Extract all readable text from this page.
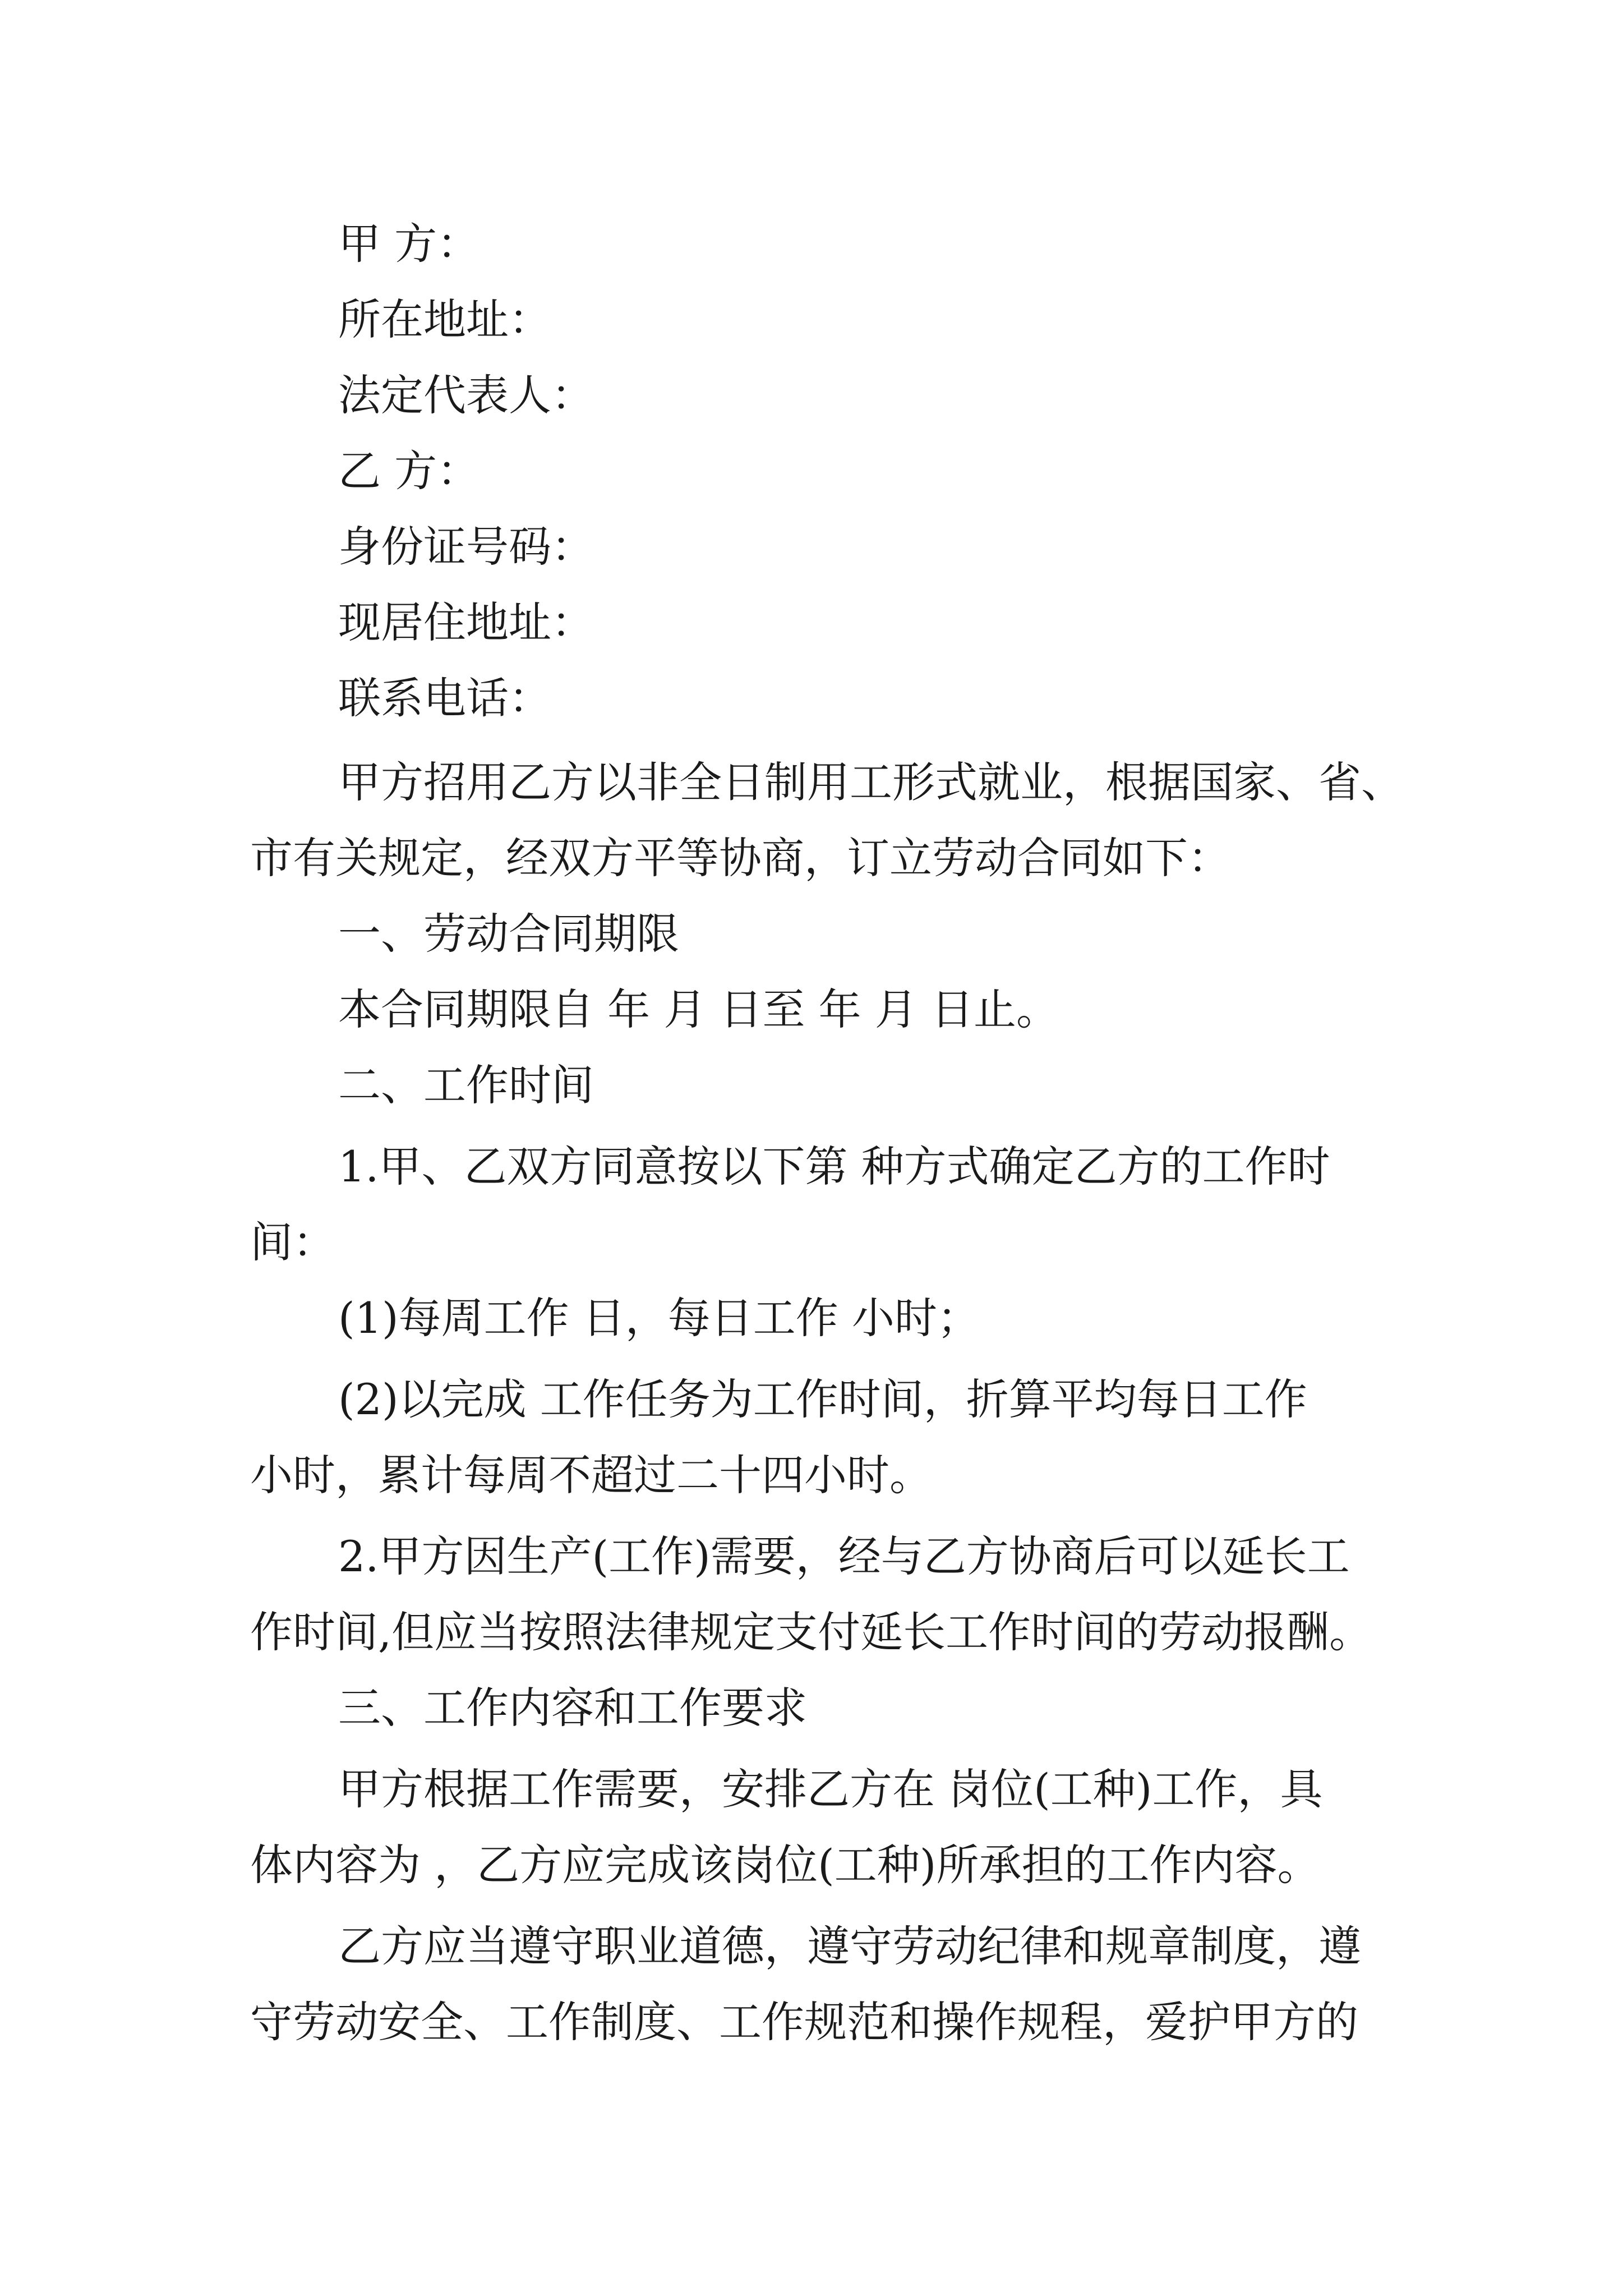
甲 方：

所在地址：

法定代表人：

乙 方：

身份证号码：

现居住地址：

联系电话：

甲方招用乙方以非全日制用工形式就业，根据国家、省、

市有关规定，经双方平等协商，订立劳动合同如下：

一、劳动合同期限

本合同期限自 年 月 日至 年 月 日止。

二、工作时间

1.甲、乙双方同意按以下第 种方式确定乙方的工作时

间：

(1)每周工作 日，每日工作 小时；

(2)以完成 工作任务为工作时间，折算平均每日工作

小时，累计每周不超过二十四小时。

2.甲方因生产(工作)需要，经与乙方协商后可以延长工

作时间,但应当按照法律规定支付延长工作时间的劳动报酬。

三、工作内容和工作要求

甲方根据工作需要，安排乙方在 岗位(工种)工作，具

体内容为 ，乙方应完成该岗位(工种)所承担的工作内容。

乙方应当遵守职业道德，遵守劳动纪律和规章制度，遵

守劳动安全、工作制度、工作规范和操作规程，爱护甲方的
